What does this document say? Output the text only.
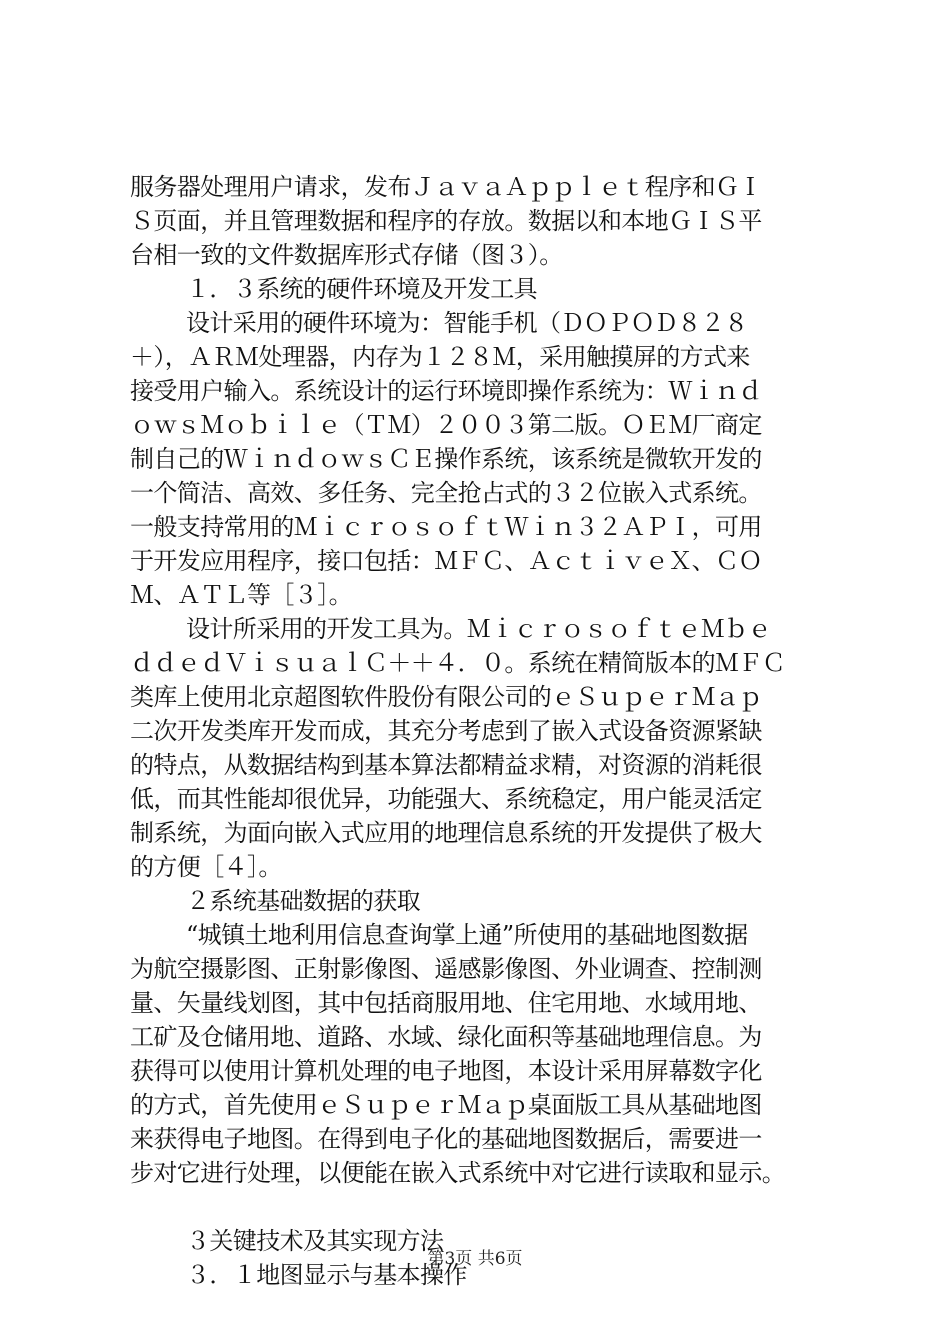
服务器处理用户请求，发布ＪａｖａＡｐｐｌｅｔ程序和ＧＩ
Ｓ页面，并且管理数据和程序的存放。数据以和本地ＧＩＳ平
台相一致的文件数据库形式存储（图３）。
１．３系统的硬件环境及开发工具
设计采用的硬件环境为：智能手机（ＤＯＰＯＤ８２８
＋），ＡＲＭ处理器，内存为１２８Ｍ，采用触摸屏的方式来
接受用户输入。系统设计的运行环境即操作系统为：Ｗｉｎｄ
ｏｗｓＭｏｂｉｌｅ（ＴＭ）２００３第二版。ＯＥＭ厂商定
制自己的ＷｉｎｄｏｗｓＣＥ操作系统，该系统是微软开发的
一个简洁、高效、多任务、完全抢占式的３２位嵌入式系统。
一般支持常用的ＭｉｃｒｏｓｏｆｔＷｉｎ３２ＡＰＩ，可用
于开发应用程序，接口包括：ＭＦＣ、ＡｃｔｉｖｅＸ、ＣＯ
Ｍ、ＡＴＬ等［３］。
设计所采用的开发工具为。ＭｉｃｒｏｓｏｆｔｅＭｂｅ
ｄｄｅｄＶｉｓｕａｌＣ＋＋４．０。系统在精简版本的ＭＦＣ
类库上使用北京超图软件股份有限公司的ｅＳｕｐｅｒＭａｐ
二次开发类库开发而成，其充分考虑到了嵌入式设备资源紧缺
的特点，从数据结构到基本算法都精益求精，对资源的消耗很
低，而其性能却很优异，功能强大、系统稳定，用户能灵活定
制系统，为面向嵌入式应用的地理信息系统的开发提供了极大
的方便［４］。
２系统基础数据的获取
“城镇土地利用信息查询掌上通”所使用的基础地图数据
为航空摄影图、正射影像图、遥感影像图、外业调查、控制测
量、矢量线划图，其中包括商服用地、住宅用地、水域用地、
工矿及仓储用地、道路、水域、绿化面积等基础地理信息。为
获得可以使用计算机处理的电子地图，本设计采用屏幕数字化
的方式，首先使用ｅＳｕｐｅｒＭａｐ桌面版工具从基础地图
来获得电子地图。在得到电子化的基础地图数据后，需要进一
步对它进行处理，以便能在嵌入式系统中对它进行读取和显示。
３关键技术及其实现方法
３．１地图显示与基本操作
第3页 共6页
